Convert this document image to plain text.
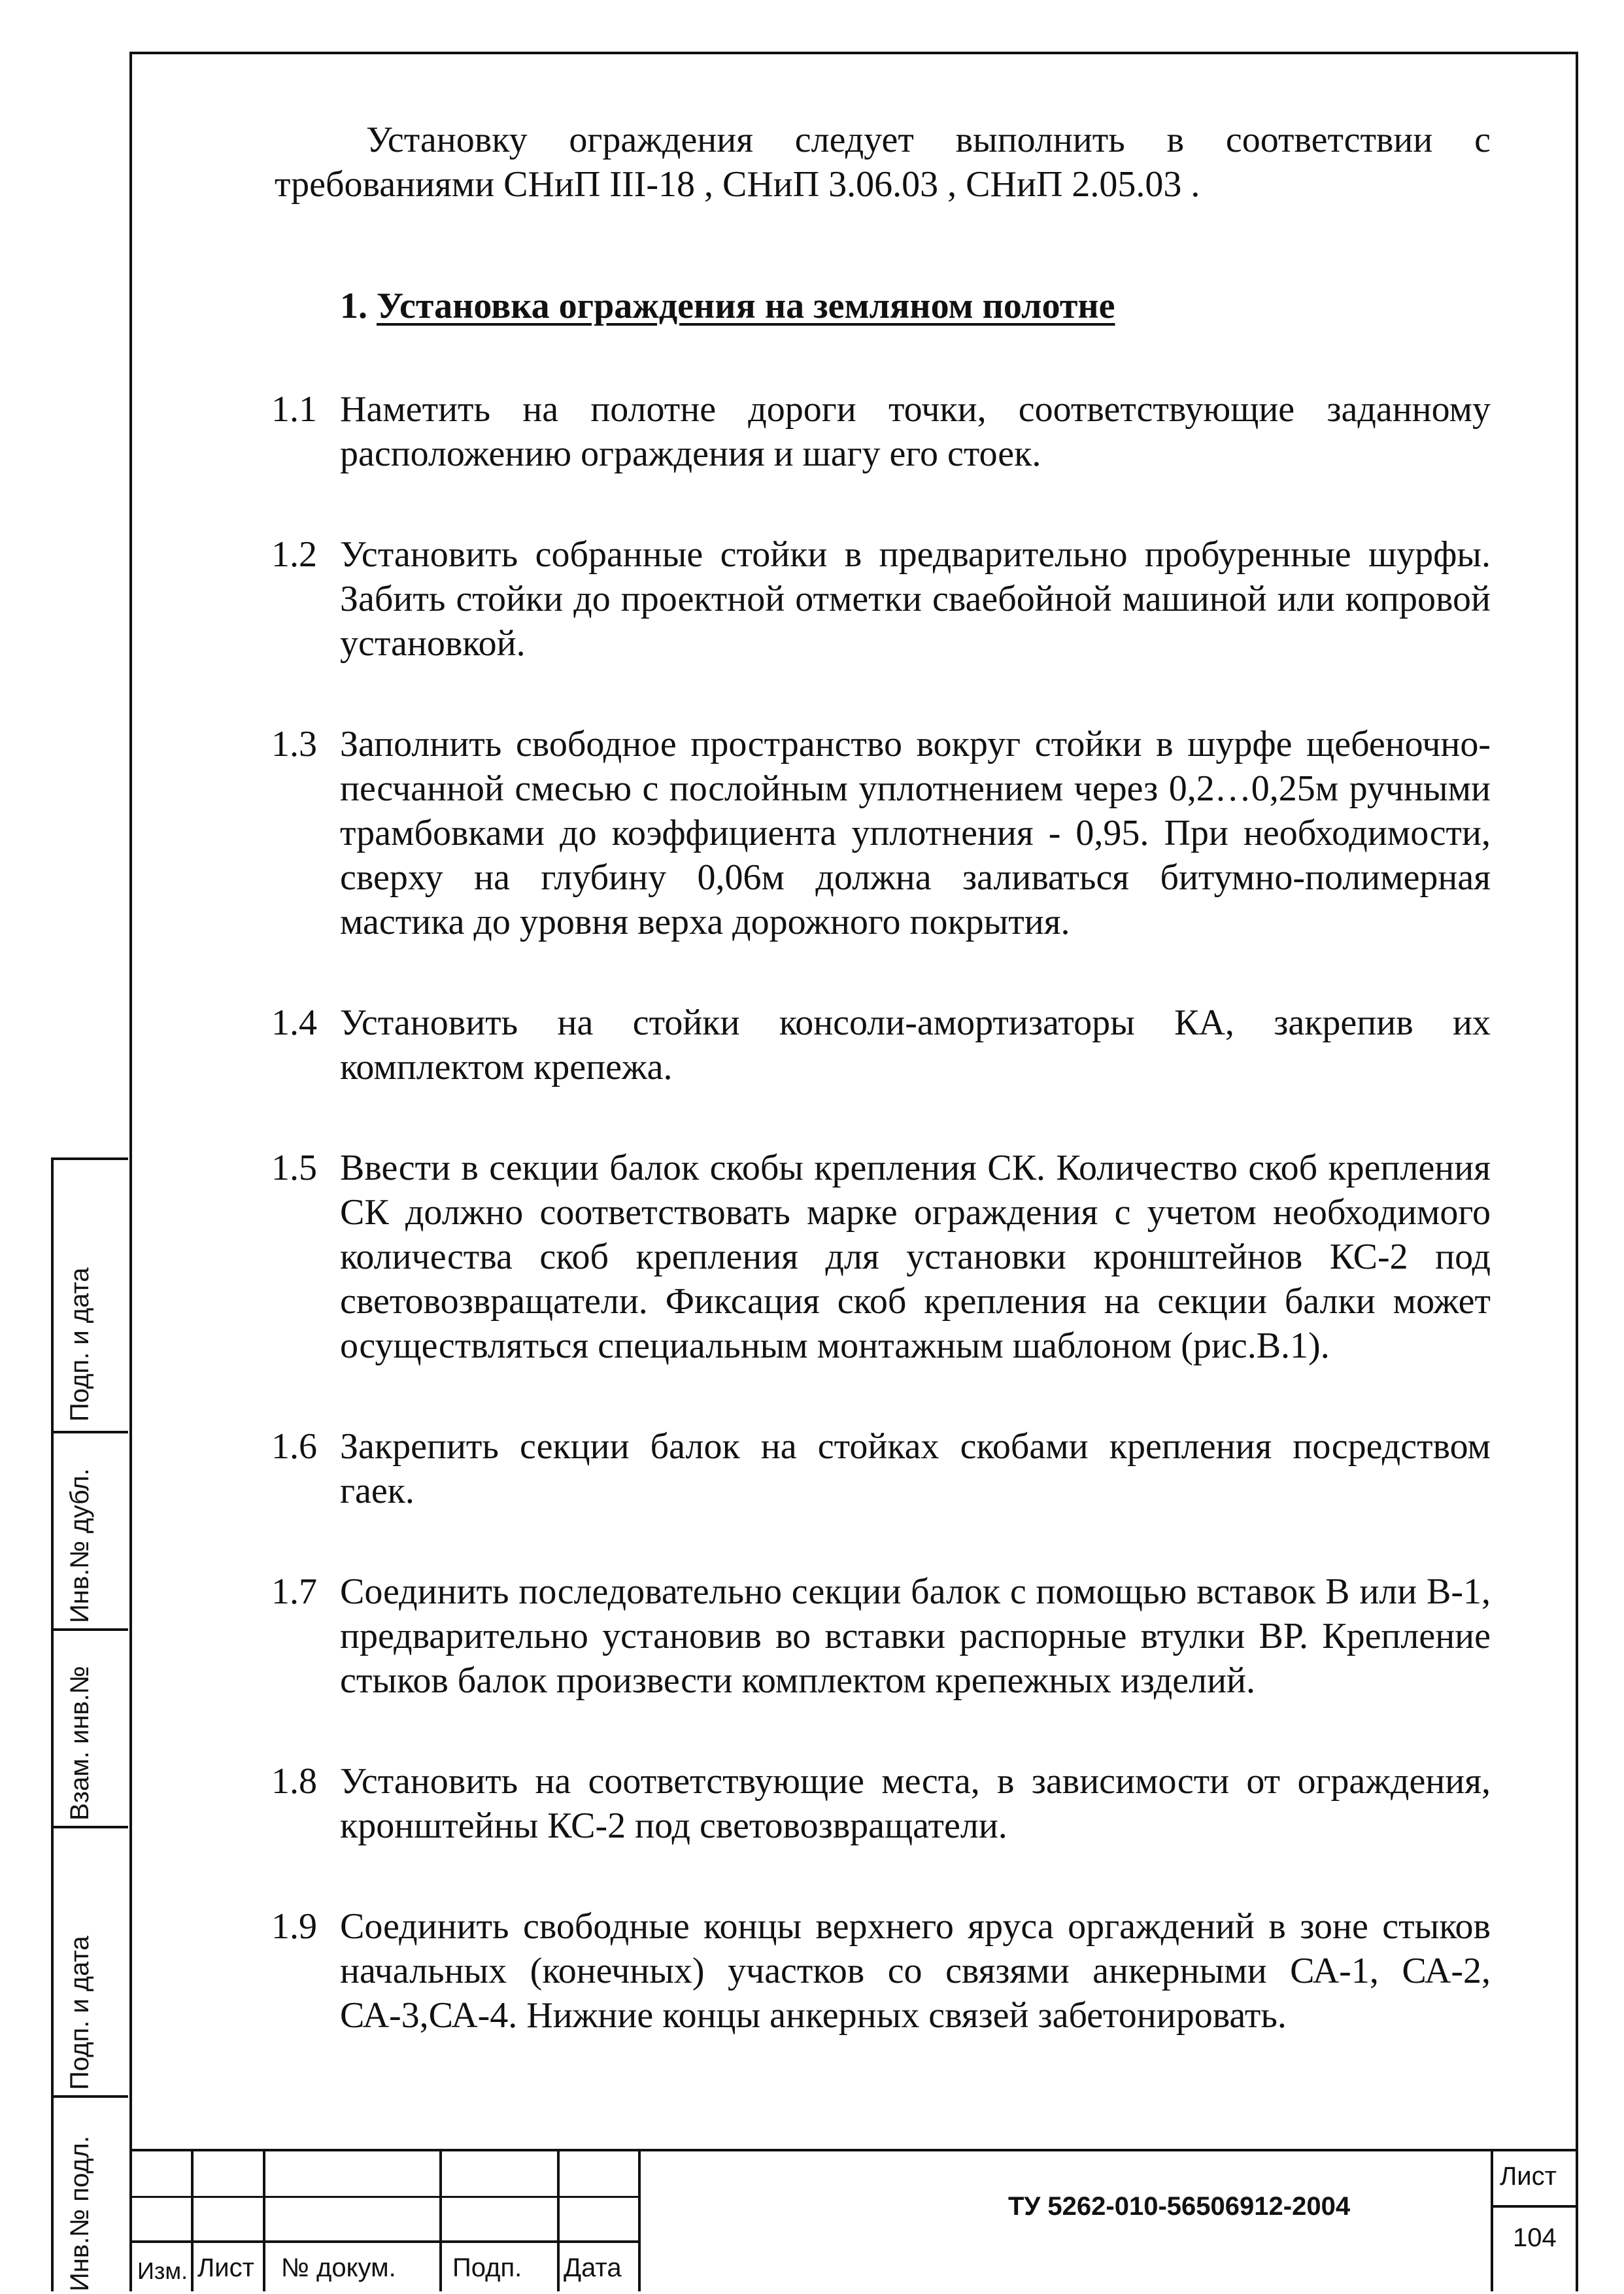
Установку ограждения следует выполнить в соответствии с требованиями СНиП III-18 , СНиП 3.06.03 , СНиП 2.05.03 .

1. Установка ограждения на земляном полотне
1.1 Наметить на полотне дороги точки, соответствующие заданному расположению ограждения и шагу его стоек.
1.2 Установить собранные стойки в предварительно пробуренные шурфы. Забить стойки до проектной отметки сваебойной машиной или копровой установкой.
1.3 Заполнить свободное пространство вокруг стойки в шурфе щебеночно-песчанной смесью с послойным уплотнением через 0,2…0,25м ручными трамбовками до коэффициента уплотнения - 0,95. При необходимости, сверху на глубину 0,06м должна заливаться битумно-полимерная мастика до уровня верха дорожного покрытия.
1.4 Установить на стойки консоли-амортизаторы КА, закрепив их комплектом крепежа.
1.5 Ввести в секции балок скобы крепления СК. Количество скоб крепления СК должно соответствовать марке ограждения с учетом необходимого количества скоб крепления для установки кронштейнов КС-2 под световозвращатели. Фиксация скоб крепления на секции балки может осуществляться специальным монтажным шаблоном (рис.В.1).
1.6 Закрепить секции балок на стойках скобами крепления посредством гаек.
1.7 Соединить последовательно секции балок с помощью вставок В или В-1, предварительно установив во вставки распорные втулки ВР. Крепление стыков балок произвести комплектом крепежных изделий.
1.8 Установить на соответствующие места, в зависимости от ограждения, кронштейны КС-2 под световозвращатели.
1.9 Соединить свободные концы верхнего яруса оргаждений в зоне стыков начальных (конечных) участков со связями анкерными СА-1, СА-2, СА-3,СА-4. Нижние концы анкерных связей забетонировать.
Подп. и дата
Инв.№ дубл.
Взам. инв.№
Подп. и дата
Инв.№ подл. Изм. Лист № докум. Подп. Дата
ТУ 5262-010-56506912-2004
Лист
104
